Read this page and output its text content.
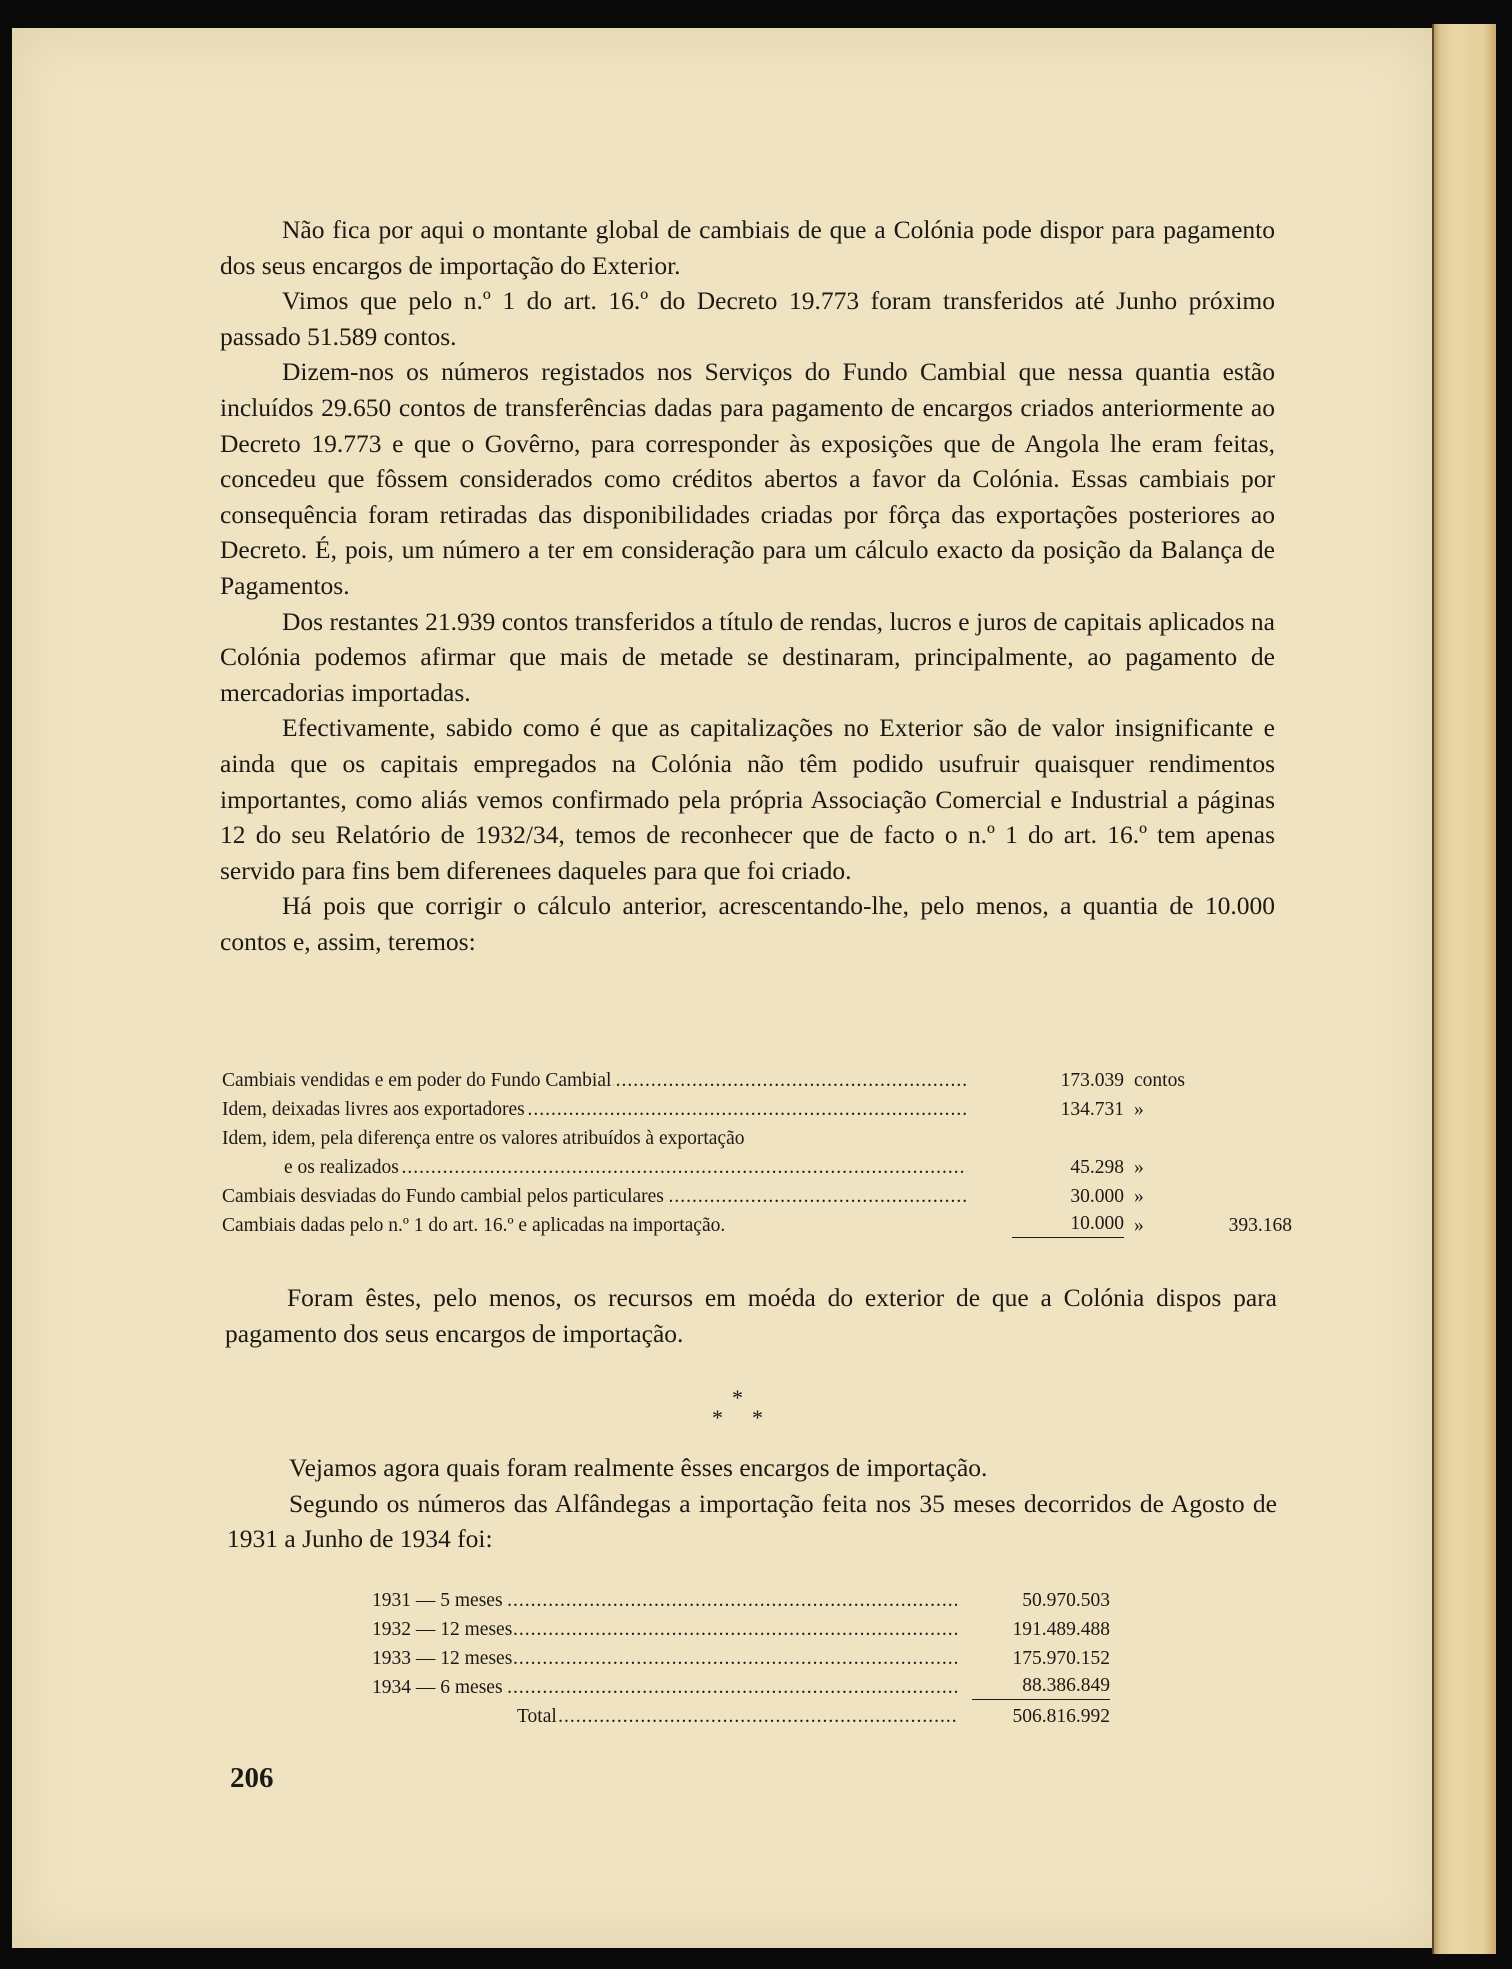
Não fica por aqui o montante global de cambiais de que a Colónia pode dispor para pagamento dos seus encargos de importação do Exterior.

Vimos que pelo n.º 1 do art. 16.º do Decreto 19.773 foram transferidos até Junho próximo passado 51.589 contos.

Dizem-nos os números registados nos Serviços do Fundo Cambial que nessa quantia estão incluídos 29.650 contos de transferências dadas para pagamento de encargos criados anteriormente ao Decreto 19.773 e que o Govêrno, para corresponder às exposições que de Angola lhe eram feitas, concedeu que fôssem considerados como créditos abertos a favor da Colónia. Essas cambiais por consequência foram retiradas das disponibilidades criadas por fôrça das exportações posteriores ao Decreto. É, pois, um número a ter em consideração para um cálculo exacto da posição da Balança de Pagamentos.

Dos restantes 21.939 contos transferidos a título de rendas, lucros e juros de capitais aplicados na Colónia podemos afirmar que mais de metade se destinaram, principalmente, ao pagamento de mercadorias importadas.

Efectivamente, sabido como é que as capitalizações no Exterior são de valor insignificante e ainda que os capitais empregados na Colónia não têm podido usufruir quaisquer rendimentos importantes, como aliás vemos confirmado pela própria Associação Comercial e Industrial a páginas 12 do seu Relatório de 1932/34, temos de reconhecer que de facto o n.º 1 do art. 16.º tem apenas servido para fins bem diferenees daqueles para que foi criado.

Há pois que corrigir o cálculo anterior, acrescentando-lhe, pelo menos, a quantia de 10.000 contos e, assim, teremos:

Cambiais vendidas e em poder do Fundo Cambial .....	173.039 contos
Idem, deixadas livres aos exportadores .....	134.731 »
Idem, idem, pela diferença entre os valores atribuídos à exportação
e os realizados .....	45.298 »
Cambiais desviadas do Fundo cambial pelos particulares .....	30.000 »
Cambiais dadas pelo n.º 1 do art. 16.º e aplicadas na importação.	10.000 »	393.168

Foram êstes, pelo menos, os recursos em moéda do exterior de que a Colónia dispos para pagamento dos seus encargos de importação.

*
* *

Vejamos agora quais foram realmente êsses encargos de importação.

Segundo os números das Alfândegas a importação feita nos 35 meses decorridos de Agosto de 1931 a Junho de 1934 foi:

1931 — 5 meses .....	50.970.503
1932 — 12 meses .....	191.489.488
1933 — 12 meses .....	175.970.152
1934 — 6 meses .....	88.386.849
Total .....	506.816.992
206
